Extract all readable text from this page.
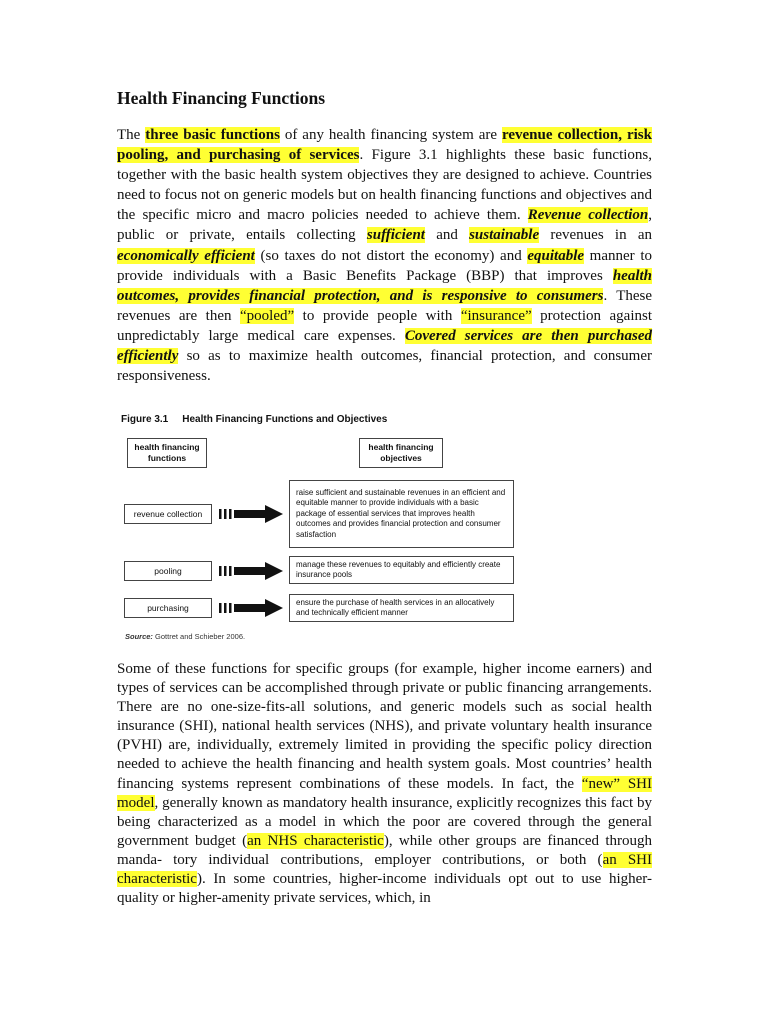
Health Financing Functions

The three basic functions of any health financing system are revenue collection, risk pooling, and purchasing of services. Figure 3.1 highlights these basic functions, together with the basic health system objectives they are designed to achieve. Countries need to focus not on generic models but on health financing functions and objectives and the specific micro and macro policies needed to achieve them. Revenue collection, public or private, entails collecting sufficient and sustainable revenues in an economically efficient (so taxes do not distort the economy) and equitable manner to provide individuals with a Basic Benefits Package (BBP) that improves health outcomes, provides financial protection, and is responsive to consumers. These revenues are then “pooled” to provide people with “insurance” protection against unpredictably large medical care expenses. Covered services are then purchased efficiently so as to maximize health outcomes, financial protection, and consumer responsiveness.

Figure 3.1 Health Financing Functions and Objectives
health financing functions
health financing objectives
revenue collection
pooling
purchasing
raise sufficient and sustainable revenues in an efficient and equitable manner to provide individuals with a basic package of essential services that improves health outcomes and provides financial protection and consumer satisfaction
manage these revenues to equitably and efficiently create insurance pools
ensure the purchase of health services in an allocatively and technically efficient manner
Source: Gottret and Schieber 2006.

Some of these functions for specific groups (for example, higher income earners) and types of services can be accomplished through private or public financing arrangements. There are no one-size-fits-all solutions, and generic models such as social health insurance (SHI), national health services (NHS), and private voluntary health insurance (PVHI) are, individually, extremely limited in providing the specific policy direction needed to achieve the health financing and health system goals. Most countries’ health financing systems represent combinations of these models. In fact, the “new” SHI model, generally known as mandatory health insurance, explicitly recognizes this fact by being characterized as a model in which the poor are covered through the general government budget (an NHS characteristic), while other groups are financed through manda- tory individual contributions, employer contributions, or both (an SHI characteristic). In some countries, higher-income individuals opt out to use higher-quality or higher-amenity private services, which, in
